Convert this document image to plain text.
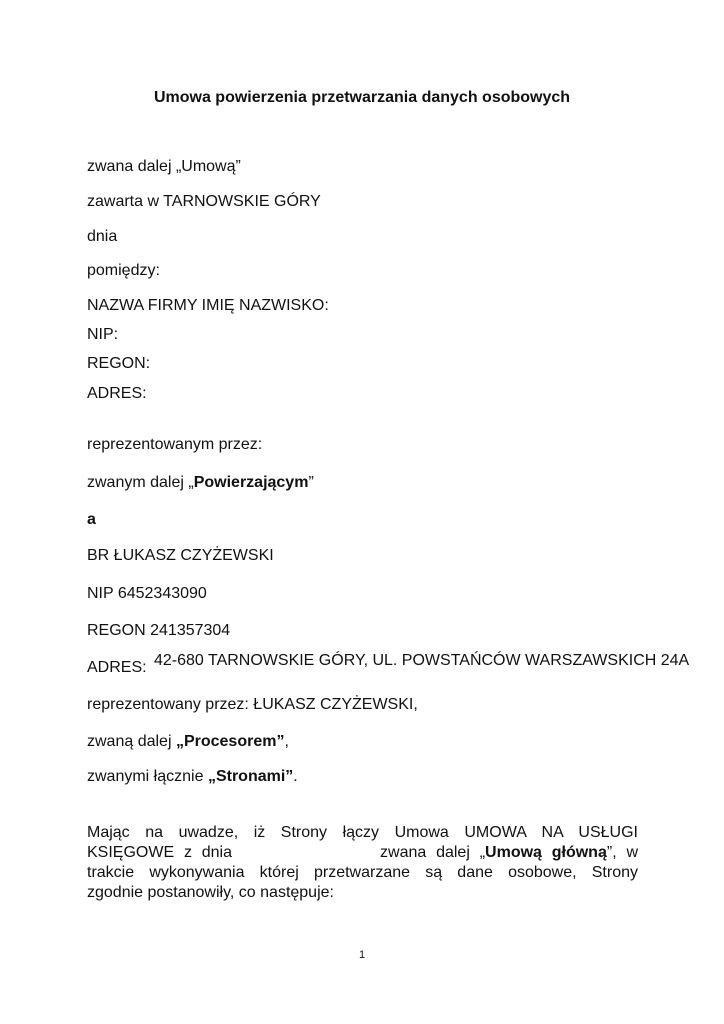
Umowa powierzenia przetwarzania danych osobowych
zwana dalej „Umową”
zawarta w TARNOWSKIE GÓRY
dnia
pomiędzy:
NAZWA FIRMY IMIĘ NAZWISKO:
NIP:
REGON:
ADRES:
reprezentowanym przez:
zwanym dalej „Powierzającym”
a
BR ŁUKASZ CZYŻEWSKI
NIP 6452343090
REGON 241357304
ADRES: 42-680 TARNOWSKIE GÓRY, UL. POWSTAŃCÓW WARSZAWSKICH 24A
reprezentowany przez: ŁUKASZ CZYŻEWSKI,
zwaną dalej „Procesorem”,
zwanymi łącznie „Stronami”.
Mając na uwadze, iż Strony łączy Umowa UMOWA NA USŁUGI
KSIĘGOWE z dnia	zwana dalej „Umową główną”, w
trakcie wykonywania której przetwarzane są dane osobowe, Strony
zgodnie postanowiły, co następuje:
1
